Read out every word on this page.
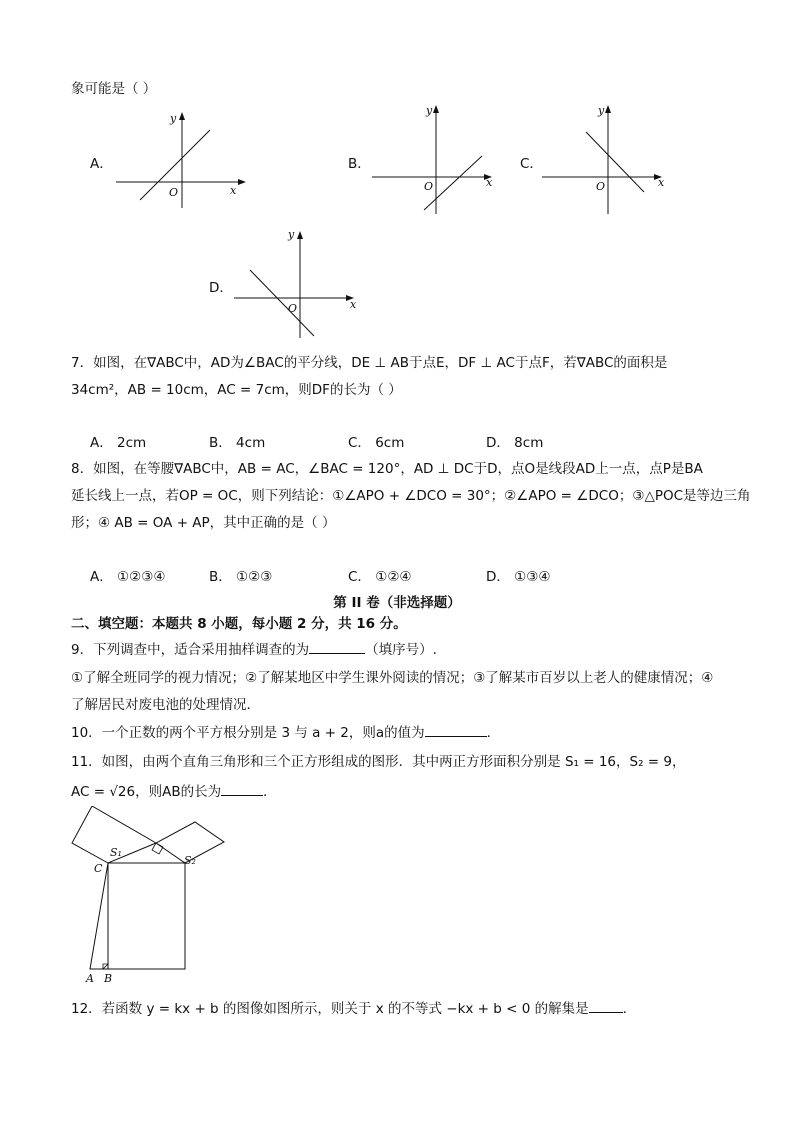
象可能是（ ）
A．
x
y
O
B．
x
y
O
C．
x
y
O
D．
x
y
O
7．如图，在∇ABC中，AD为∠BAC的平分线，DE ⊥ AB于点E，DF ⊥ AC于点F，若∇ABC的面积是
34cm²，AB = 10cm，AC = 7cm，则DF的长为（ ）
A． 2cm	B． 4cm	C． 6cm	D． 8cm
8．如图，在等腰∇ABC中，AB = AC，∠BAC = 120°，AD ⊥ DC于D，点O是线段AD上一点，点P是BA
延长线上一点，若OP = OC，则下列结论：①∠APO + ∠DCO = 30°；②∠APO = ∠DCO；③△POC是等边三角
形；④ AB = OA + AP，其中正确的是（ ）
A． ①②③④	B． ①②③	C． ①②④	D． ①③④
第 II 卷（非选择题）
二、填空题：本题共 8 小题，每小题 2 分，共 16 分。
9．下列调查中，适合采用抽样调查的为	（填序号）.
①了解全班同学的视力情况；②了解某地区中学生课外阅读的情况；③了解某市百岁以上老人的健康情况；④
了解居民对废电池的处理情况．
10．一个正数的两个平方根分别是 3 与 a + 2，则a的值为	．
11．如图，由两个直角三角形和三个正方形组成的图形．其中两正方形面积分别是 S₁ = 16，S₂ = 9，
AC = √26，则AB的长为	．
S₁
S₂
C
A B
12．若函数 y = kx + b 的图像如图所示，则关于 x 的不等式 −kx + b < 0 的解集是	．
